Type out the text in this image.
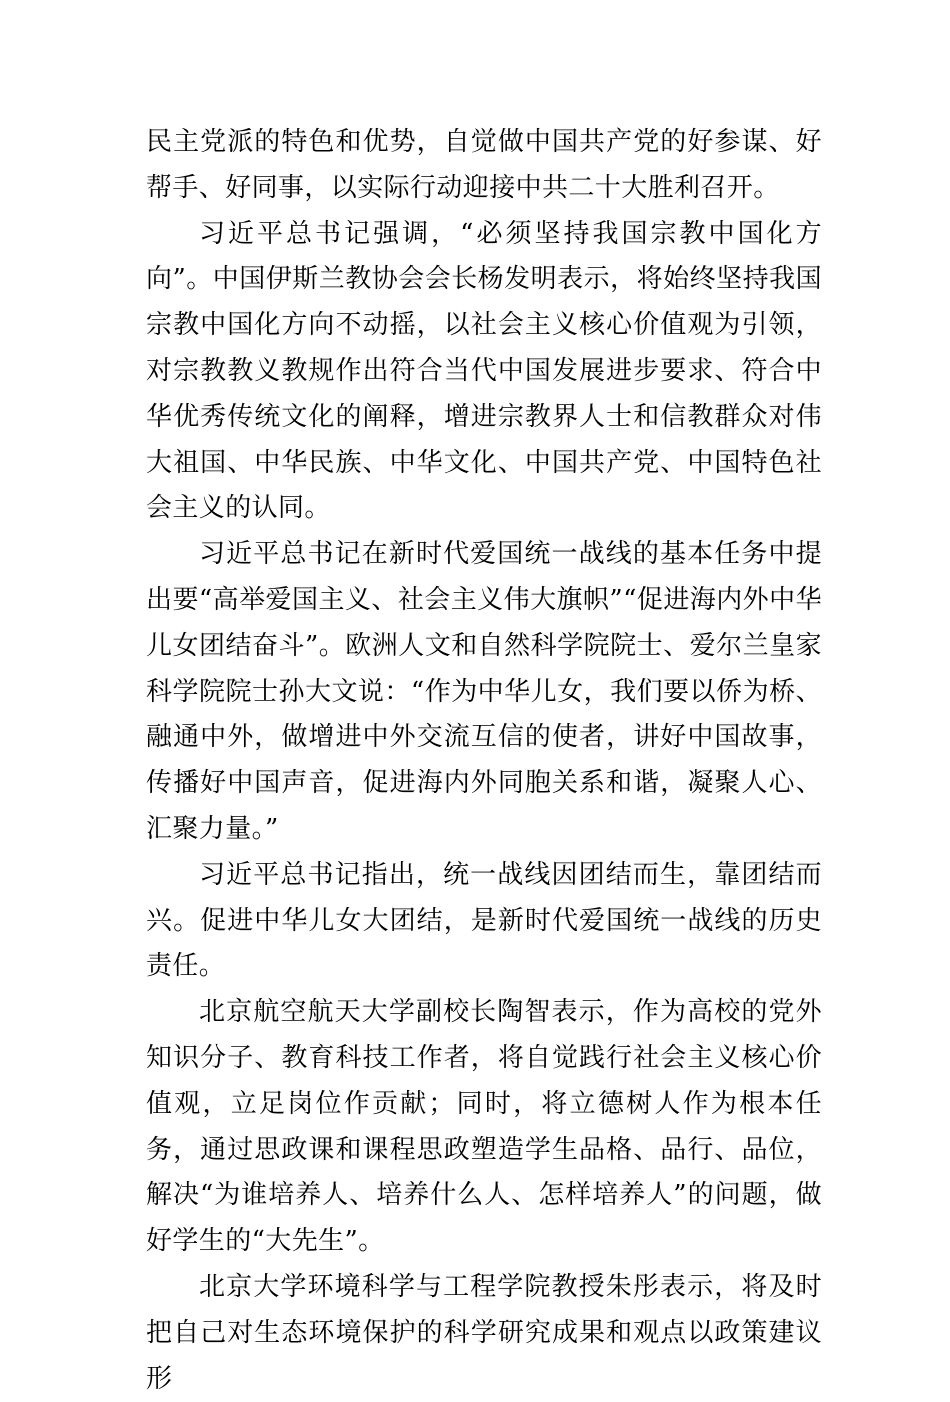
民主党派的特色和优势，自觉做中国共产党的好参谋、好帮手、好同事，以实际行动迎接中共二十大胜利召开。

习近平总书记强调，“必须坚持我国宗教中国化方向”。中国伊斯兰教协会会长杨发明表示，将始终坚持我国宗教中国化方向不动摇，以社会主义核心价值观为引领，对宗教教义教规作出符合当代中国发展进步要求、符合中华优秀传统文化的阐释，增进宗教界人士和信教群众对伟大祖国、中华民族、中华文化、中国共产党、中国特色社会主义的认同。

习近平总书记在新时代爱国统一战线的基本任务中提出要“高举爱国主义、社会主义伟大旗帜”“促进海内外中华儿女团结奋斗”。欧洲人文和自然科学院院士、爱尔兰皇家科学院院士孙大文说：“作为中华儿女，我们要以侨为桥、融通中外，做增进中外交流互信的使者，讲好中国故事，传播好中国声音，促进海内外同胞关系和谐，凝聚人心、汇聚力量。”

习近平总书记指出，统一战线因团结而生，靠团结而兴。促进中华儿女大团结，是新时代爱国统一战线的历史责任。

北京航空航天大学副校长陶智表示，作为高校的党外知识分子、教育科技工作者，将自觉践行社会主义核心价值观，立足岗位作贡献；同时，将立德树人作为根本任务，通过思政课和课程思政塑造学生品格、品行、品位，解决“为谁培养人、培养什么人、怎样培养人”的问题，做好学生的“大先生”。

北京大学环境科学与工程学院教授朱彤表示，将及时把自己对生态环境保护的科学研究成果和观点以政策建议形
